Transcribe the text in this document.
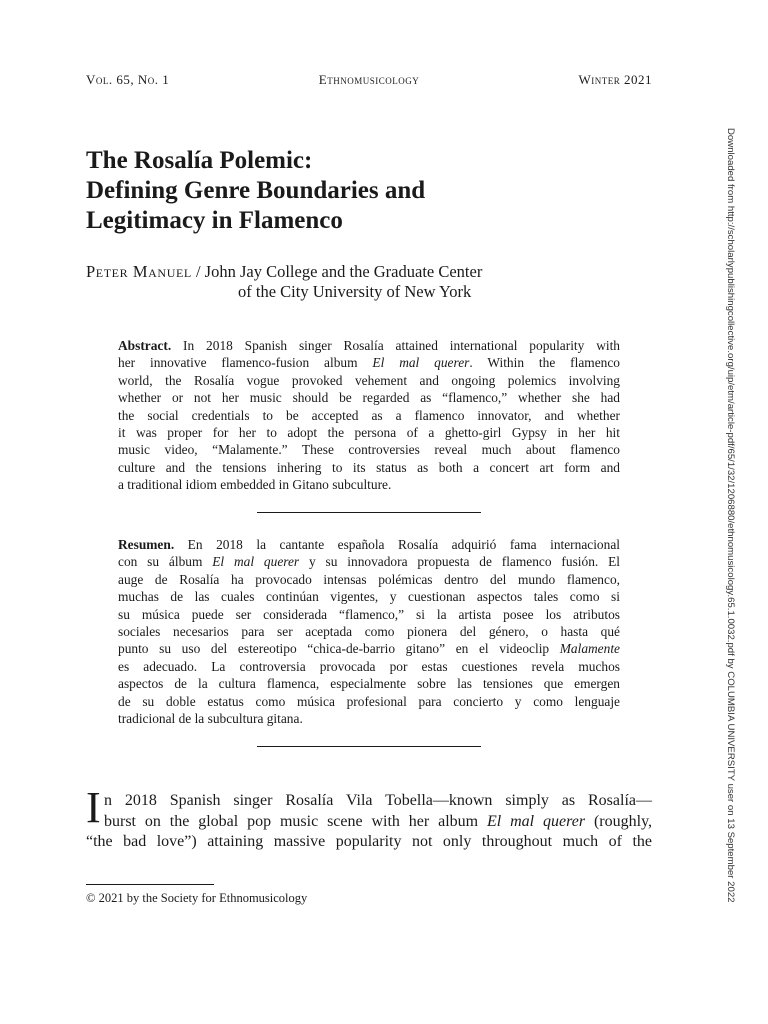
Vol. 65, No. 1	Ethnomusicology	Winter 2021
The Rosalía Polemic:
Defining Genre Boundaries and
Legitimacy in Flamenco
Peter Manuel / John Jay College and the Graduate Center
of the City University of New York
Abstract. In 2018 Spanish singer Rosalía attained international popularity with
her innovative flamenco-fusion album El mal querer. Within the flamenco
world, the Rosalía vogue provoked vehement and ongoing polemics involving
whether or not her music should be regarded as “flamenco,” whether she had
the social credentials to be accepted as a flamenco innovator, and whether
it was proper for her to adopt the persona of a ghetto-girl Gypsy in her hit
music video, “Malamente.” These controversies reveal much about flamenco
culture and the tensions inhering to its status as both a concert art form and
a traditional idiom embedded in Gitano subculture.
Resumen. En 2018 la cantante española Rosalía adquirió fama internacional
con su álbum El mal querer y su innovadora propuesta de flamenco fusión. El
auge de Rosalía ha provocado intensas polémicas dentro del mundo flamenco,
muchas de las cuales continúan vigentes, y cuestionan aspectos tales como si
su música puede ser considerada “flamenco,” si la artista posee los atributos
sociales necesarios para ser aceptada como pionera del género, o hasta qué
punto su uso del estereotipo “chica-de-barrio gitano” en el videoclip Malamente
es adecuado. La controversia provocada por estas cuestiones revela muchos
aspectos de la cultura flamenca, especialmente sobre las tensiones que emergen
de su doble estatus como música profesional para concierto y como lenguaje
tradicional de la subcultura gitana.
I n 2018 Spanish singer Rosalía Vila Tobella—known simply as Rosalía—
burst on the global pop music scene with her album El mal querer (roughly,
“the bad love”) attaining massive popularity not only throughout much of the
© 2021 by the Society for Ethnomusicology	Downloaded from http://scholarlypublishingcollective.org/uip/etm/article-pdf/65/1/32/1206880/ethnomusicology.65.1.0032.pdf by COLUMBIA UNIVERSITY user on 13 September 2022
